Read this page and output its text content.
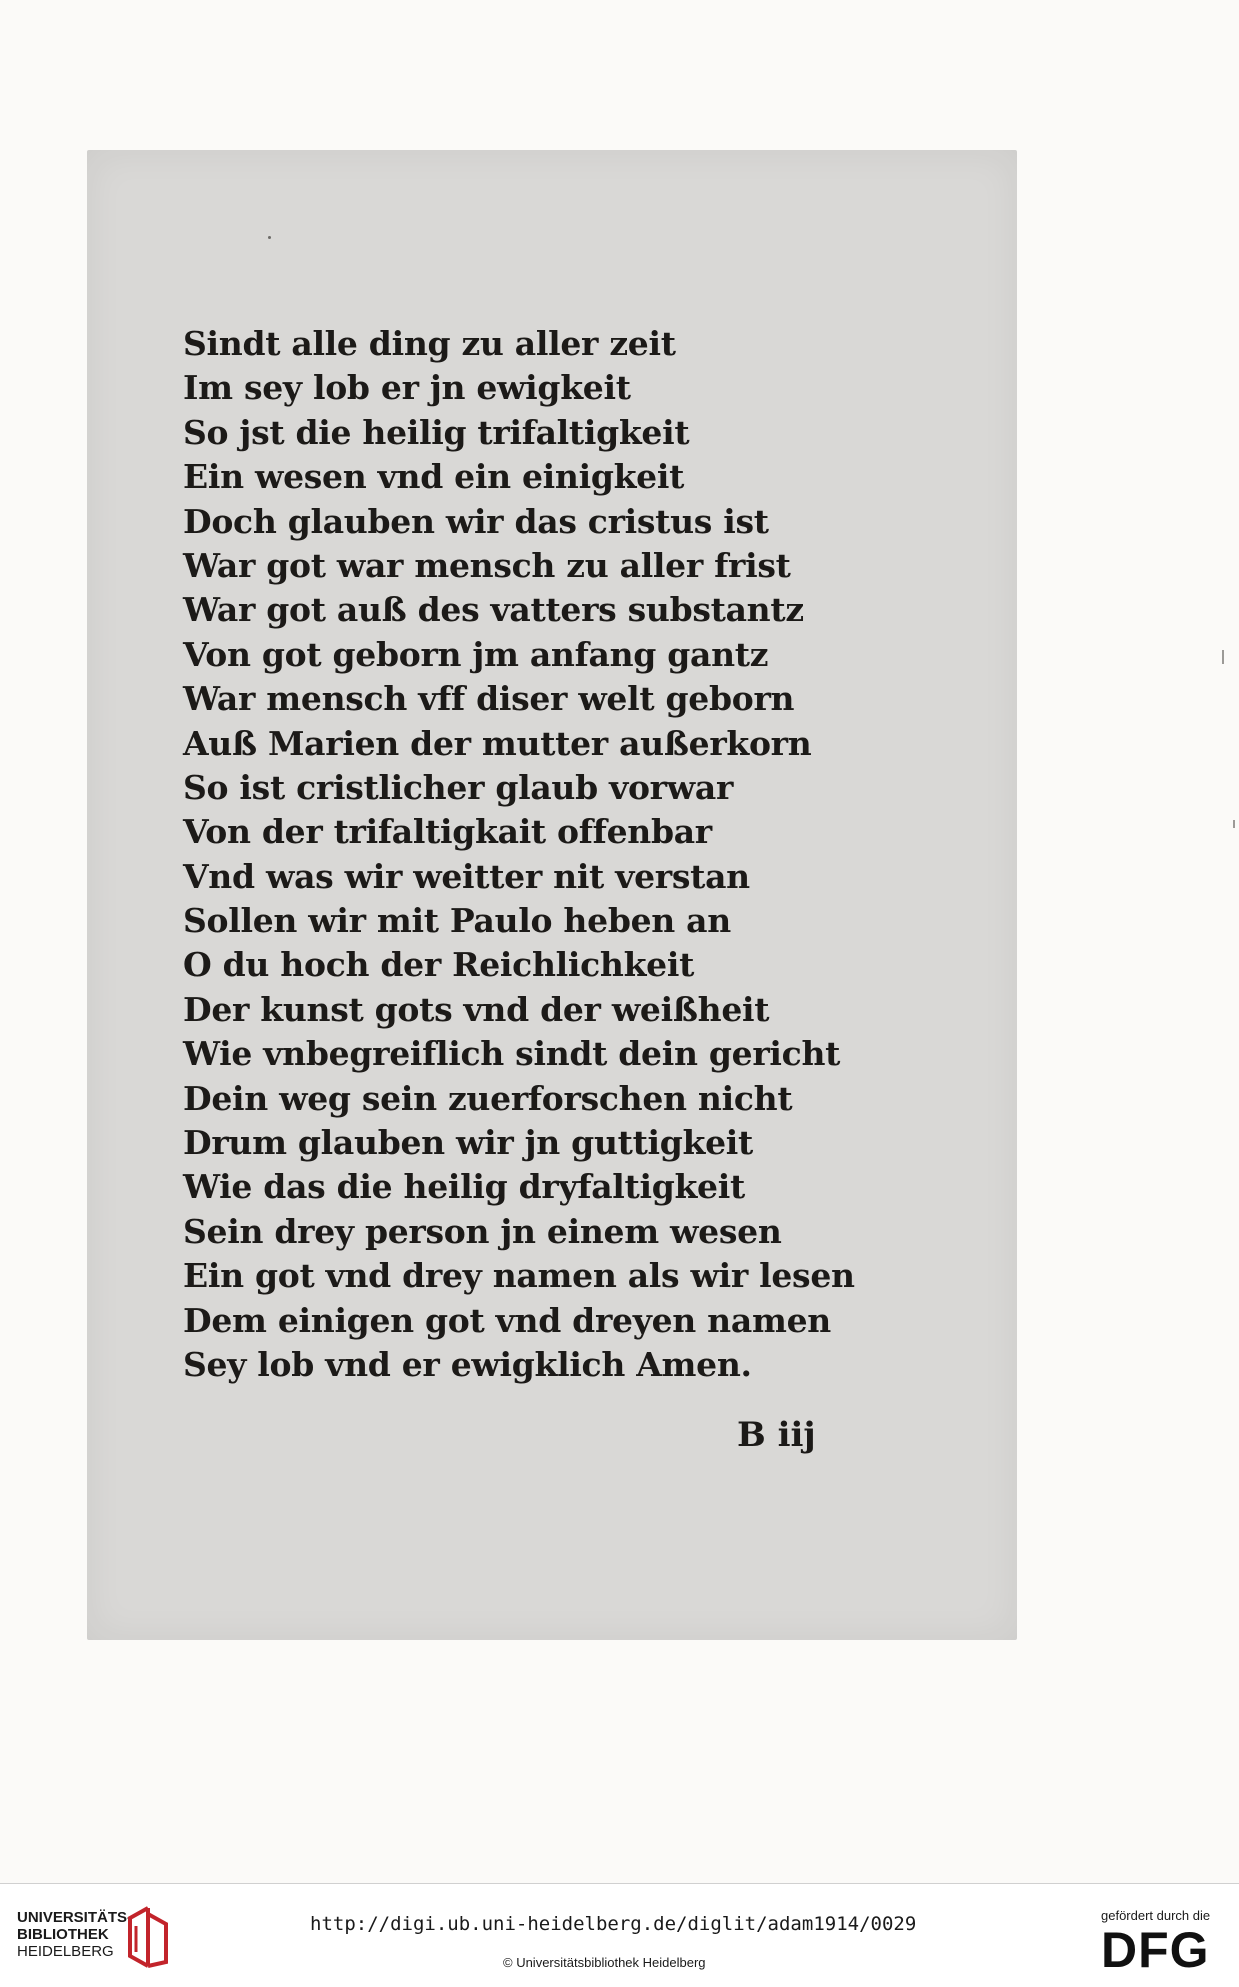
Sindt alle ding zu aller zeit
Im sey lob er jn ewigkeit
So jst die heilig trifaltigkeit
Ein wesen vnd ein einigkeit
Doch glauben wir das cristus ist
War got war mensch zu aller frist
War got auß des vatters substantz
Von got geborn jm anfang gantz
War mensch vff diser welt geborn
Auß Marien der mutter außerkorn
So ist cristlicher glaub vorwar
Von der trifaltigkait offenbar
Vnd was wir weitter nit verstan
Sollen wir mit Paulo heben an
O du hoch der Reichlichkeit
Der kunst gots vnd der weißheit
Wie vnbegreiflich sindt dein gericht
Dein weg sein zuerforschen nicht
Drum glauben wir jn guttigkeit
Wie das die heilig dryfaltigkeit
Sein drey person jn einem wesen
Ein got vnd drey namen als wir lesen
Dem einigen got vnd dreyen namen
Sey lob vnd er ewigklich Amen.
B iij
UNIVERSITÄTS-
BIBLIOTHEK
HEIDELBERG
http://digi.ub.uni-heidelberg.de/diglit/adam1914/0029
© Universitätsbibliothek Heidelberg
gefördert durch die
DFG
